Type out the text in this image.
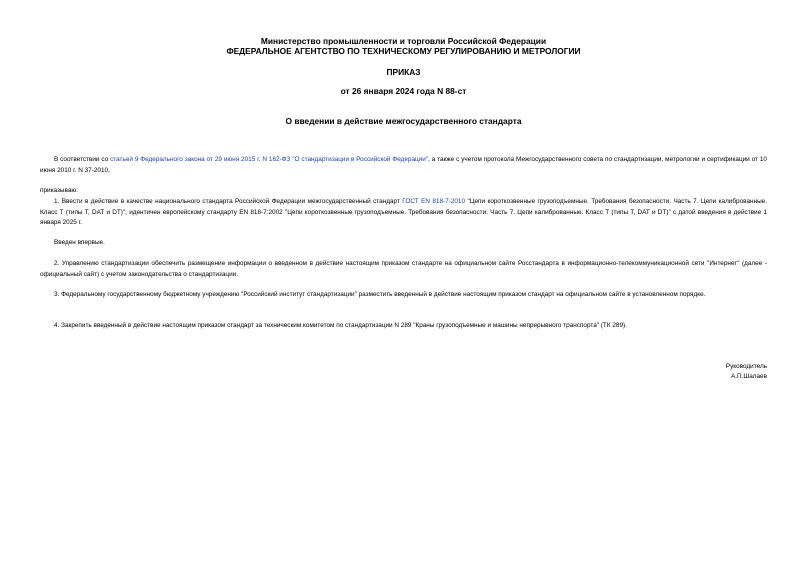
Министерство промышленности и торговли Российской Федерации
ФЕДЕРАЛЬНОЕ АГЕНТСТВО ПО ТЕХНИЧЕСКОМУ РЕГУЛИРОВАНИЮ И МЕТРОЛОГИИ
ПРИКАЗ
от 26 января 2024 года N 88-ст
О введении в действие межгосударственного стандарта
В соответствии со статьей 9 Федерального закона от 29 июня 2015 г. N 162-ФЗ "О стандартизации в Российской Федерации", а также с учетом протокола Межгосударственного совета по стандартизации, метрологии и сертификации от 10 июня 2010 г. N 37-2010,
приказываю:
1. Ввести в действие в качестве национального стандарта Российской Федерации межгосударственный стандарт ГОСТ EN 818-7-2010 "Цепи короткозвенные грузоподъемные. Требования безопасности. Часть 7. Цепи калиброванные. Класс Т (типы Т, DAT и DT)", идентичен европейскому стандарту EN 818-7:2002 "Цепи короткозвенные грузоподъемные. Требования безопасности. Часть 7. Цепи калиброванные. Класс Т (типы Т, DAT и DT)" с датой введения в действие 1 января 2025 г.
Введен впервые.
2. Управлению стандартизации обеспечить размещение информации о введенном в действие настоящим приказом стандарте на официальном сайте Росстандарта в информационно-телекоммуникационной сети "Интернет" (далее - официальный сайт) с учетом законодательства о стандартизации.
3. Федеральному государственному бюджетному учреждению "Российский институт стандартизации" разместить введенный в действие настоящим приказом стандарт на официальном сайте в установленном порядке.
4. Закрепить введенный в действие настоящим приказом стандарт за техническим комитетом по стандартизации N 289 "Краны грузоподъемные и машины непрерывного транспорта" (ТК 289).
Руководитель
А.П.Шалаев
